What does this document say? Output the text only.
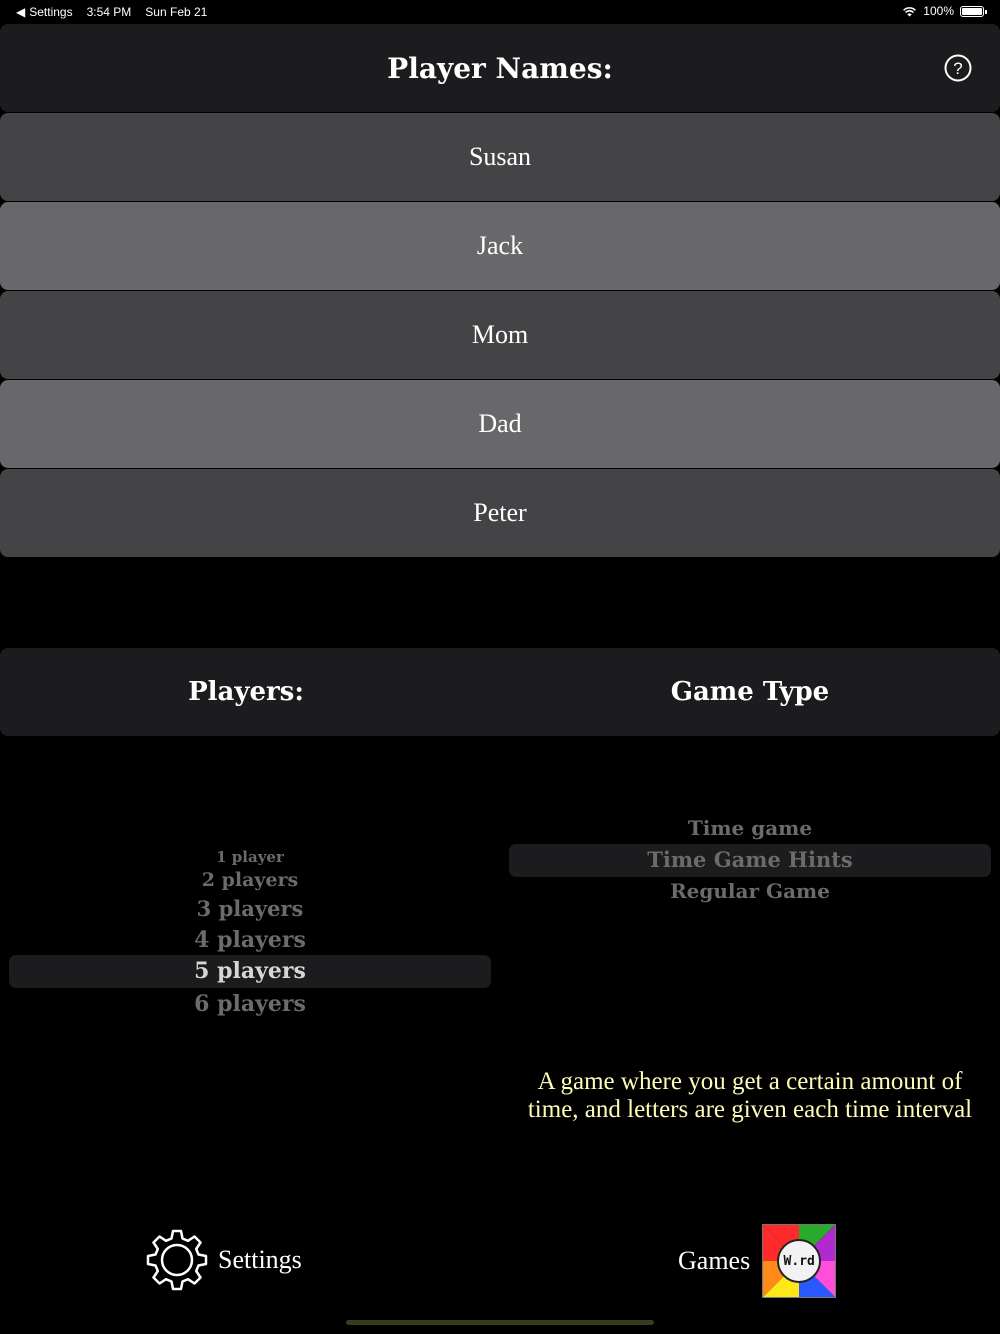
◀ Settings 3:54 PM Sun Feb 21	100%
Player Names:	?
Susan
Jack
Mom
Dad
Peter
Players:	Game Type
1 player
2 players
3 players
4 players
5 players
6 players
Time game
Time Game Hints
Regular Game
A game where you get a certain amount of
time, and letters are given each time interval
Settings	Games	W.rd
